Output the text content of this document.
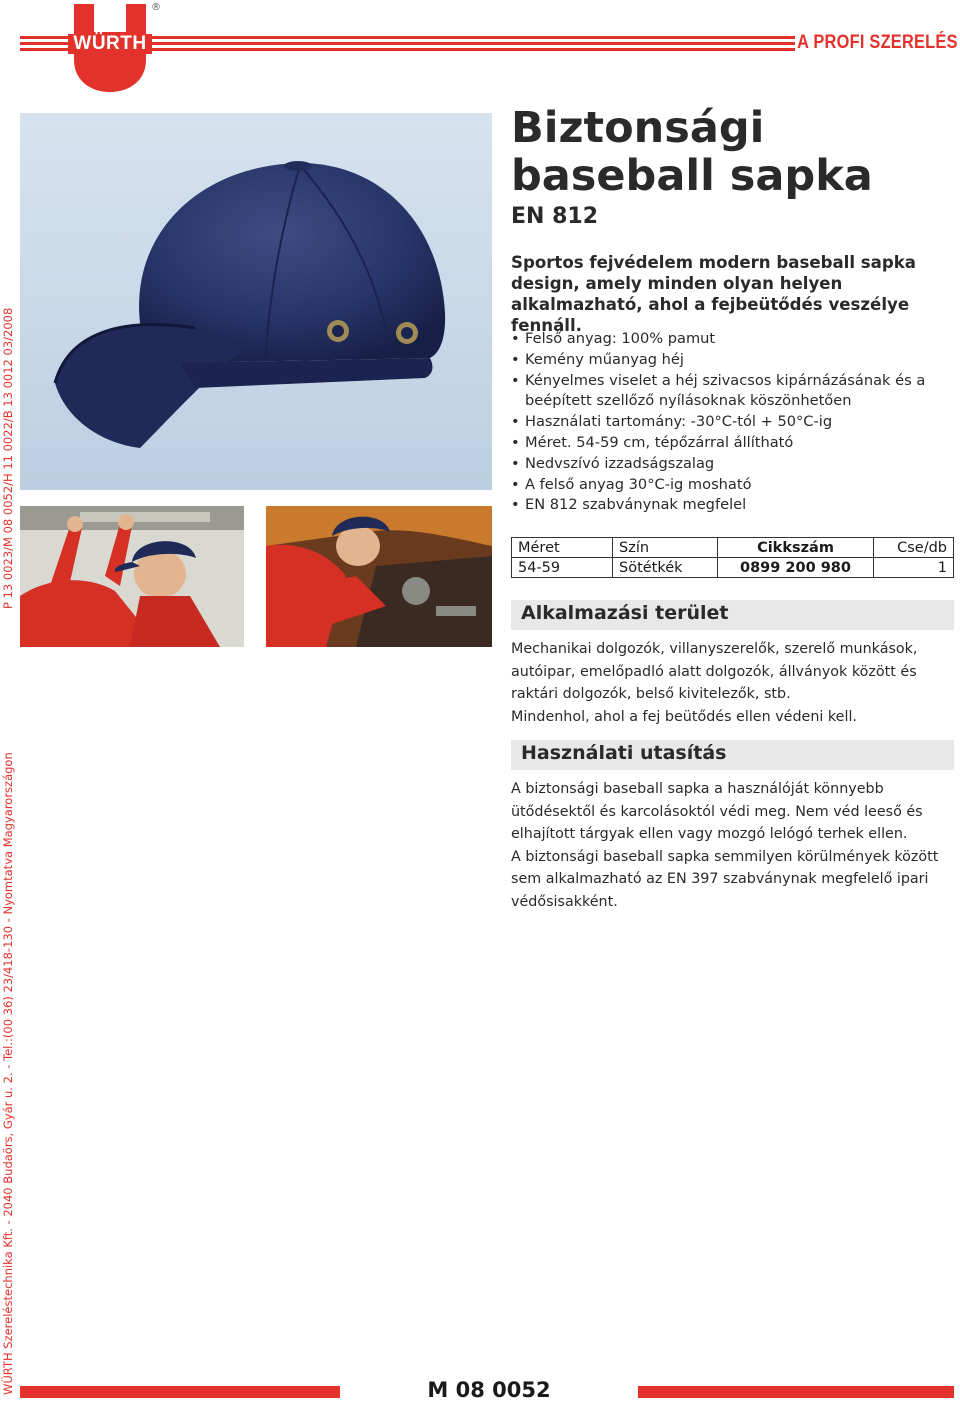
A PROFI SZERELÉS
WÜRTH
®
P 13 0023/M 08 0052/H 11 0022/B 13 0012 03/2008
WÜRTH Szereléstechnika Kft. - 2040 Budaörs, Gyár u. 2. - Tel.:(00 36) 23/418-130 - Nyomtatva Magyarországon
Biztonsági baseball sapka
EN 812
Sportos fejvédelem modern baseball sapka design, amely minden olyan helyen alkalmazható, ahol a fejbeütődés veszélye fennáll.
• Felső anyag: 100% pamut
• Kemény műanyag héj
• Kényelmes viselet a héj szivacsos kipárnázásának és a beépített szellőző nyílásoknak köszönhetően
• Használati tartomány: -30°C-tól + 50°C-ig
• Méret. 54-59 cm, tépőzárral állítható
• Nedvszívó izzadságszalag
• A felső anyag 30°C-ig mosható
• EN 812 szabványnak megfelel
Méret	Szín	Cikkszám	Cse/db
54-59	Sötétkék	0899 200 980	1
Alkalmazási terület

Mechanikai dolgozók, villanyszerelők, szerelő munkások, autóipar, emelőpadló alatt dolgozók, állványok között és raktári dolgozók, belső kivitelezők, stb.

Mindenhol, ahol a fej beütődés ellen védeni kell.

Használati utasítás

A biztonsági baseball sapka a használóját könnyebb ütődésektől és karcolásoktól védi meg. Nem véd leeső és elhajított tárgyak ellen vagy mozgó lelógó terhek ellen.

A biztonsági baseball sapka semmilyen körülmények között sem alkalmazható az EN 397 szabványnak megfelelő ipari védősisakként.

M 08 0052
